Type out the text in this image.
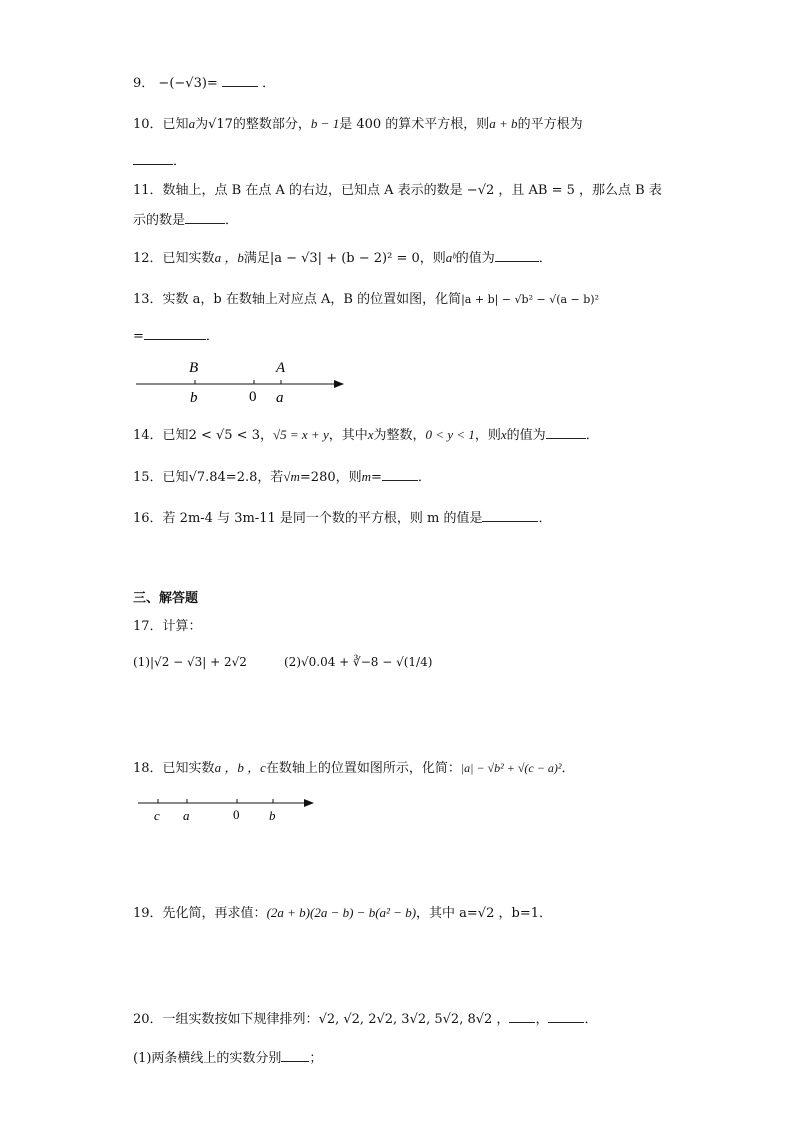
9． −(−√3)=	．
10．已知a为√17的整数部分，b − 1是 400 的算术平方根，则a + b的平方根为
．
11．数轴上，点 B 在点 A 的右边，已知点 A 表示的数是 −√2 ，且 AB = 5 ，那么点 B 表
示的数是	．
12．已知实数a ，b满足|a − √3| + (b − 2)² = 0，则aᵇ的值为	．
13．实数 a，b 在数轴上对应点 A，B 的位置如图，化简|a + b| − √b² − √(a − b)²
=	．
B	A
b	0 a
14．已知2 < √5 < 3，√5 = x + y，其中x为整数，0 < y < 1，则x的值为	．
15．已知√7.84=2.8，若√m=280，则m=	．
16．若 2m-4 与 3m-11 是同一个数的平方根，则 m 的值是	．
三、解答题
17．计算：
(1)|√2 − √3| + 2√2	(2)√0.04 + ∛−8 − √(1/4)
18．已知实数a ，b ，c在数轴上的位置如图所示，化简：|a| − √b² + √(c − a)²．
c a	0 b
19．先化简，再求值：(2a + b)(2a − b) − b(a² − b)，其中 a=√2 ，b=1．
20．一组实数按如下规律排列：√2, √2, 2√2, 3√2, 5√2, 8√2 ， ，	．
(1)两条横线上的实数分别 ；
